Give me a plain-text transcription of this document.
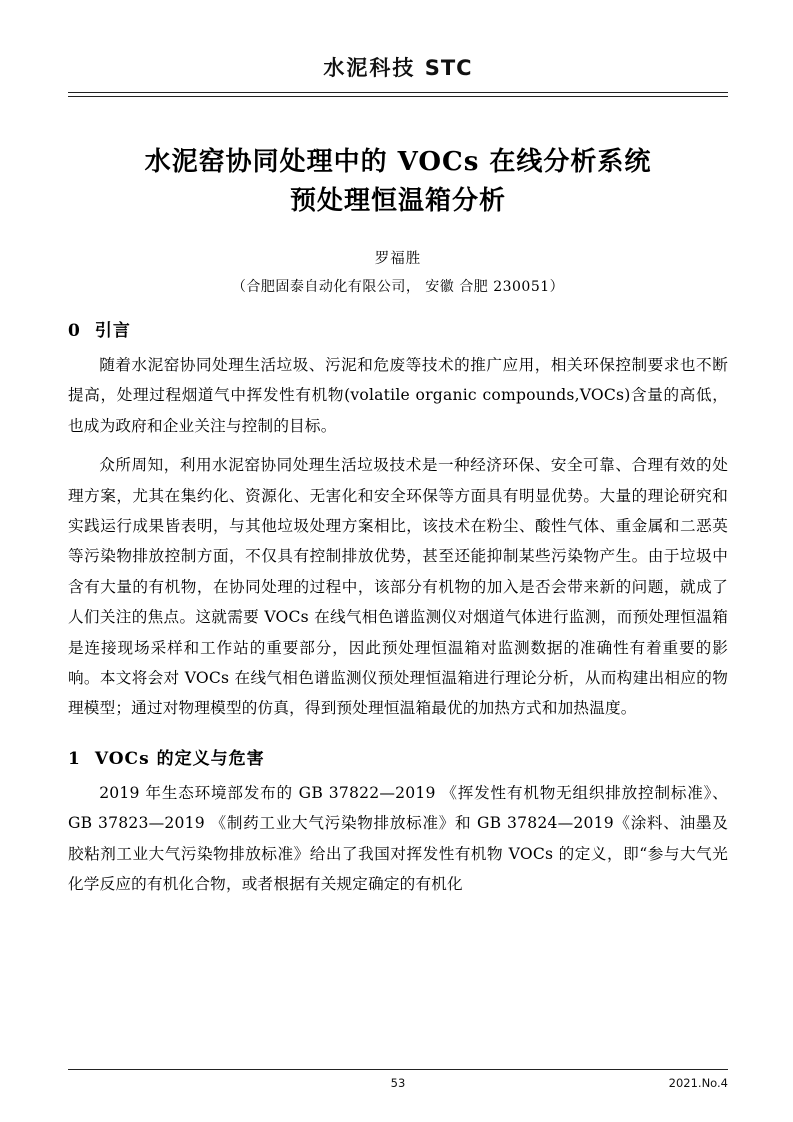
水泥科技 STC
水泥窑协同处理中的 VOCs 在线分析系统
预处理恒温箱分析
罗福胜
（合肥固泰自动化有限公司， 安徽 合肥 230051）
0 引言

随着水泥窑协同处理生活垃圾、污泥和危废等技术的推广应用，相关环保控制要求也不断提高，处理过程烟道气中挥发性有机物(volatile organic compounds,VOCs)含量的高低，也成为政府和企业关注与控制的目标。

众所周知，利用水泥窑协同处理生活垃圾技术是一种经济环保、安全可靠、合理有效的处理方案，尤其在集约化、资源化、无害化和安全环保等方面具有明显优势。大量的理论研究和实践运行成果皆表明，与其他垃圾处理方案相比，该技术在粉尘、酸性气体、重金属和二恶英等污染物排放控制方面，不仅具有控制排放优势，甚至还能抑制某些污染物产生。由于垃圾中含有大量的有机物，在协同处理的过程中，该部分有机物的加入是否会带来新的问题，就成了人们关注的焦点。这就需要 VOCs 在线气相色谱监测仪对烟道气体进行监测，而预处理恒温箱是连接现场采样和工作站的重要部分，因此预处理恒温箱对监测数据的准确性有着重要的影响。本文将会对 VOCs 在线气相色谱监测仪预处理恒温箱进行理论分析，从而构建出相应的物理模型；通过对物理模型的仿真，得到预处理恒温箱最优的加热方式和加热温度。

1 VOCs 的定义与危害

2019 年生态环境部发布的 GB 37822—2019 《挥发性有机物无组织排放控制标准》、GB 37823—2019 《制药工业大气污染物排放标准》和 GB 37824—2019《涂料、油墨及胶粘剂工业大气污染物排放标准》给出了我国对挥发性有机物 VOCs 的定义，即“参与大气光化学反应的有机化合物，或者根据有关规定确定的有机化

53	2021.No.4
